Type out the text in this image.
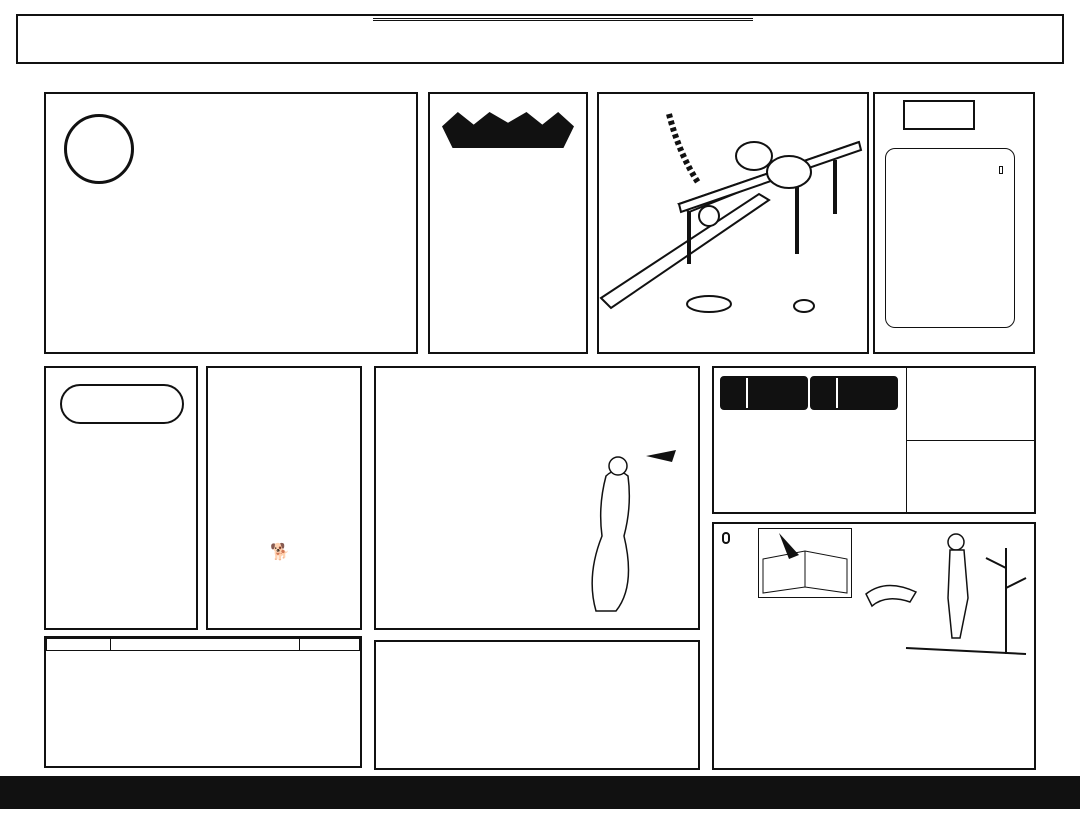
🐕
